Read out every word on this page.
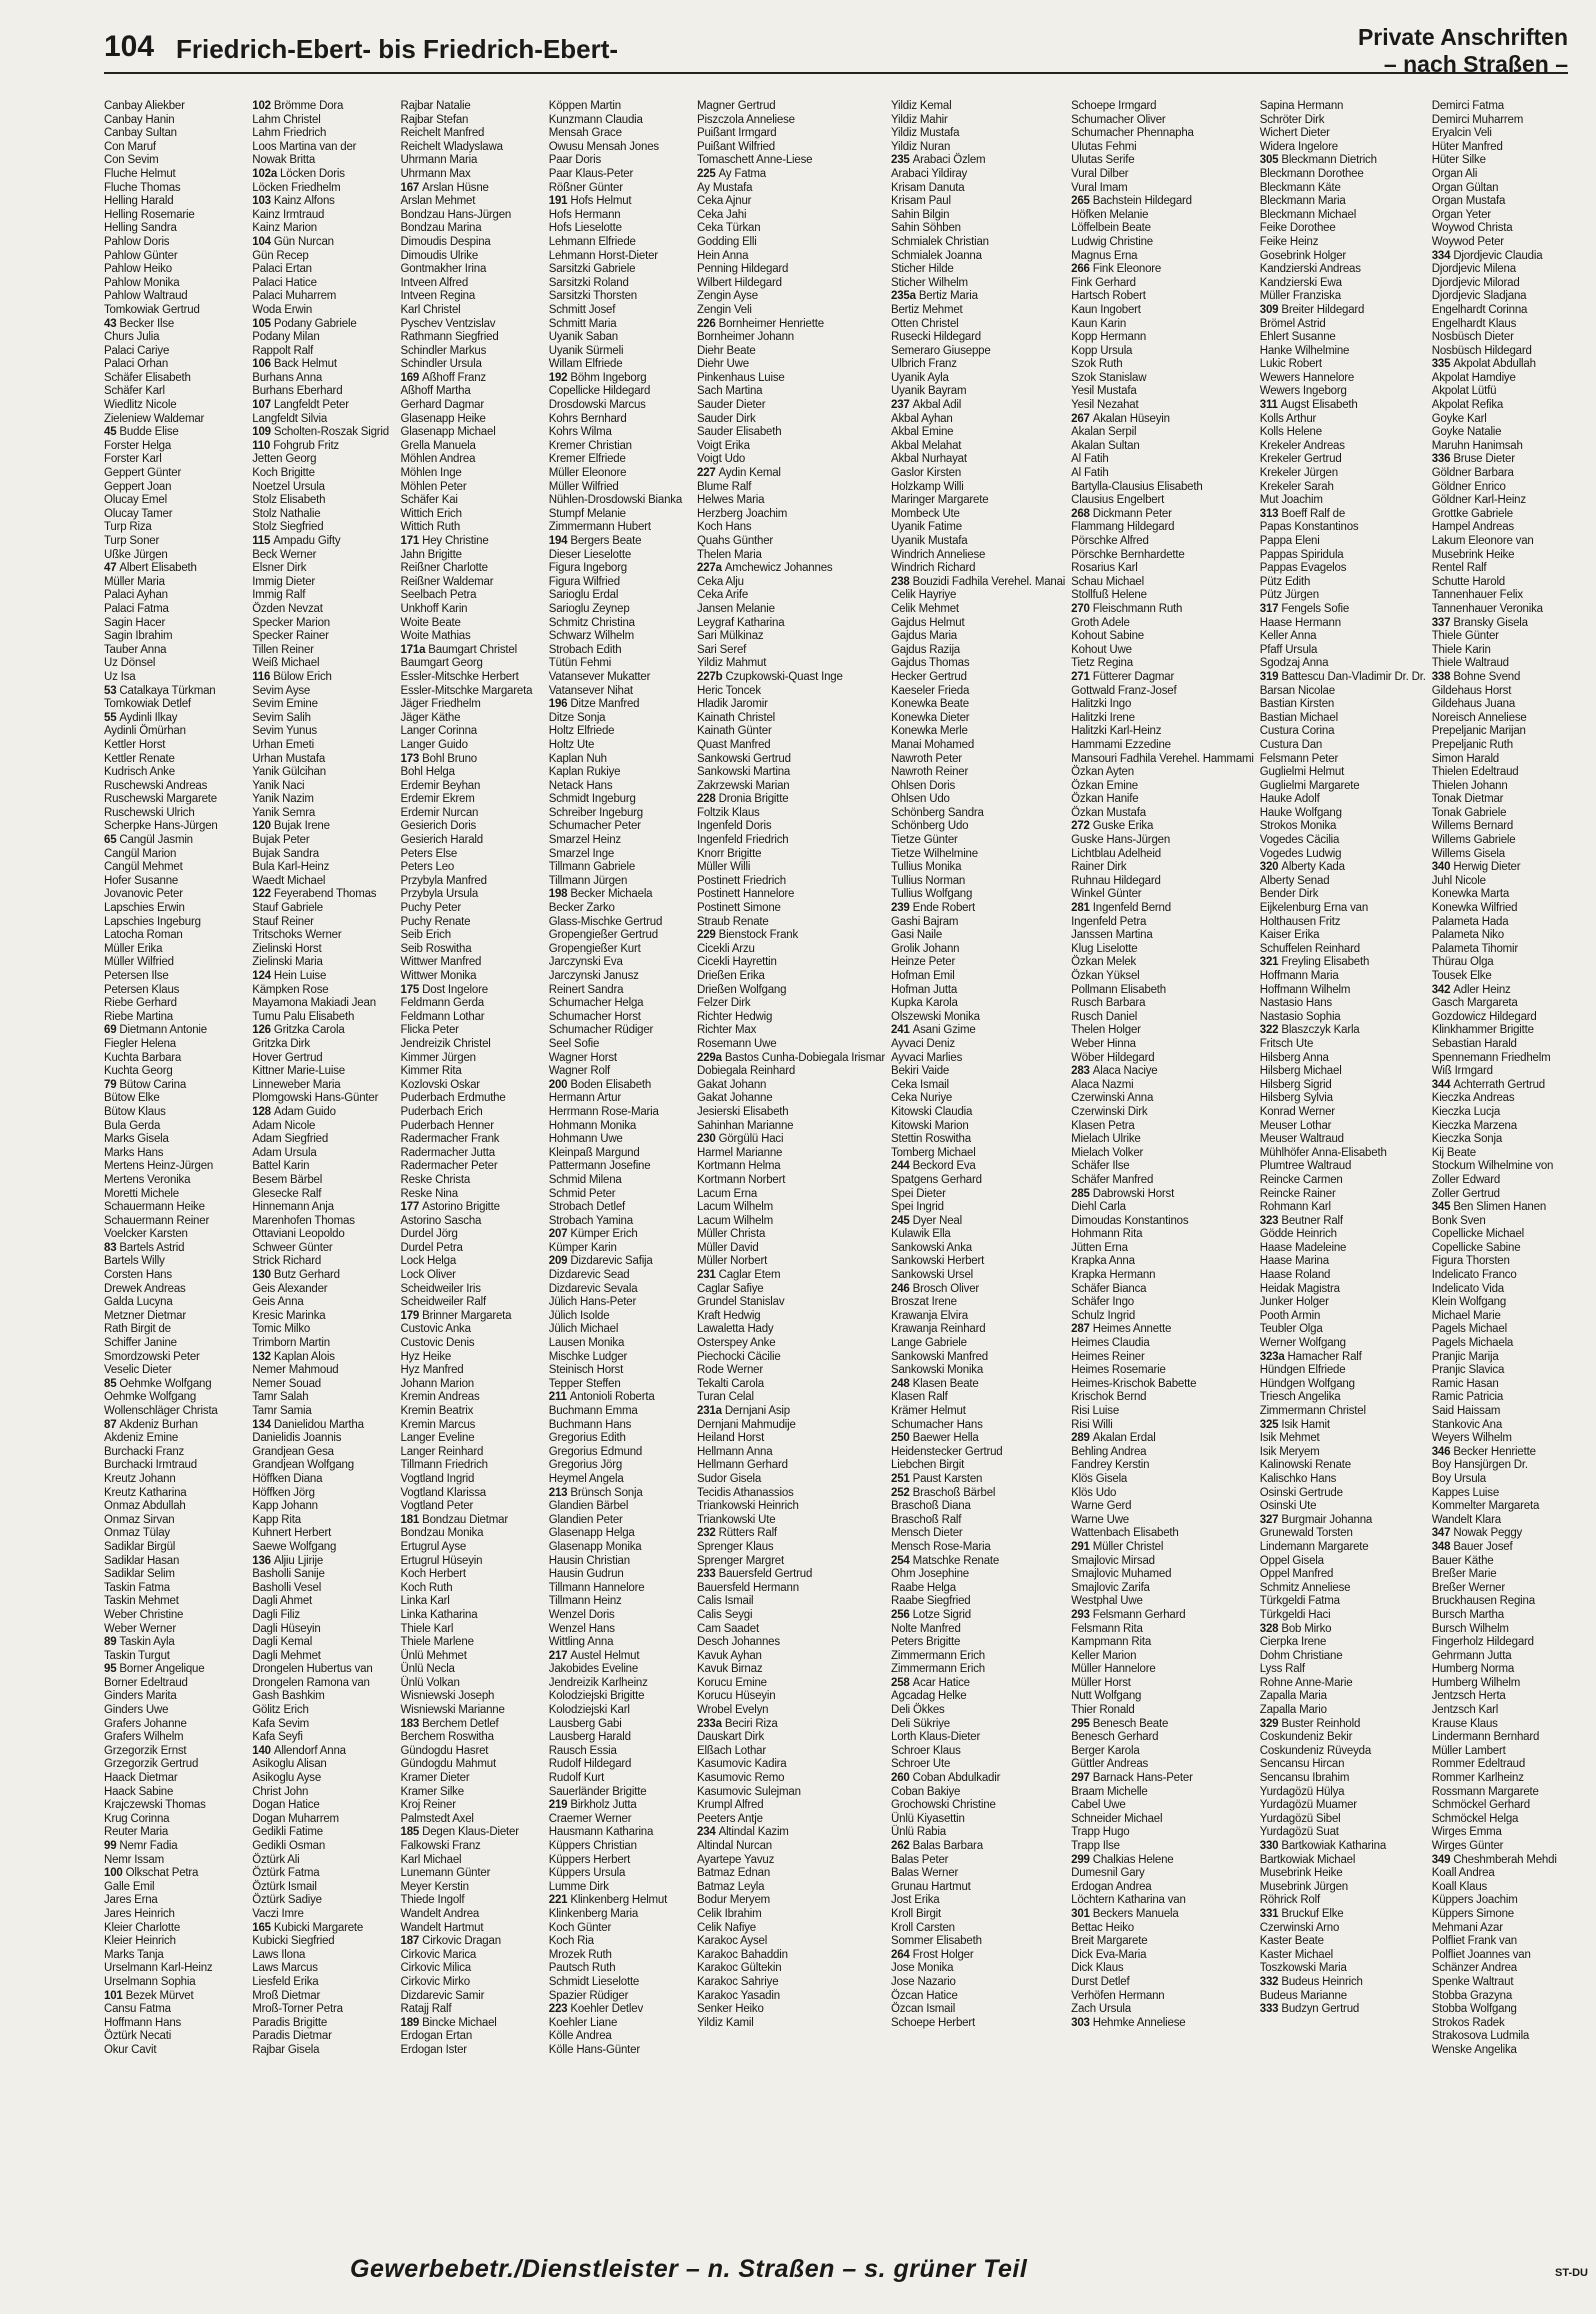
104 Friedrich-Ebert- bis Friedrich-Ebert-	Private Anschriften
– nach Straßen –
Canbay Aliekber
Canbay Hanin
Canbay Sultan
Con Maruf
Con Sevim
Fluche Helmut
Fluche Thomas
Helling Harald
Helling Rosemarie
Helling Sandra
Pahlow Doris
Pahlow Günter
Pahlow Heiko
Pahlow Monika
Pahlow Waltraud
Tomkowiak Gertrud
43 Becker Ilse
Churs Julia
Palaci Cariye
Palaci Orhan
Schäfer Elisabeth
Schäfer Karl
Wiedlitz Nicole
Zieleniew Waldemar
45 Budde Elise
Forster Helga
Forster Karl
Geppert Günter
Geppert Joan
Olucay Emel
Olucay Tamer
Turp Riza
Turp Soner
Ußke Jürgen
47 Albert Elisabeth
Müller Maria
Palaci Ayhan
Palaci Fatma
Sagin Hacer
Sagin Ibrahim
Tauber Anna
Uz Dönsel
Uz Isa
53 Catalkaya Türkman
Tomkowiak Detlef
55 Aydinli Ilkay
Aydinli Ömürhan
Kettler Horst
Kettler Renate
Kudrisch Anke
Ruschewski Andreas
Ruschewski Margarete
Ruschewski Ulrich
Scherpke Hans-Jürgen
65 Cangül Jasmin
Cangül Marion
Cangül Mehmet
Hofer Susanne
Jovanovic Peter
Lapschies Erwin
Lapschies Ingeburg
Latocha Roman
Müller Erika
Müller Wilfried
Petersen Ilse
Petersen Klaus
Riebe Gerhard
Riebe Martina
69 Dietmann Antonie
Fiegler Helena
Kuchta Barbara
Kuchta Georg
79 Bütow Carina
Bütow Elke
Bütow Klaus
Bula Gerda
Marks Gisela
Marks Hans
Mertens Heinz-Jürgen
Mertens Veronika
Moretti Michele
Schauermann Heike
Schauermann Reiner
Voelcker Karsten
83 Bartels Astrid
Bartels Willy
Corsten Hans
Drewek Andreas
Galda Lucyna
Metzner Dietmar
Rath Birgit de
Schiffer Janine
Smordzowski Peter
Veselic Dieter
85 Oehmke Wolfgang
Oehmke Wolfgang
Wollenschläger Christa
87 Akdeniz Burhan
Akdeniz Emine
Burchacki Franz
Burchacki Irmtraud
Kreutz Johann
Kreutz Katharina
Onmaz Abdullah
Onmaz Sirvan
Onmaz Tülay
Sadiklar Birgül
Sadiklar Hasan
Sadiklar Selim
Taskin Fatma
Taskin Mehmet
Weber Christine
Weber Werner
89 Taskin Ayla
Taskin Turgut
95 Borner Angelique
Borner Edeltraud
Ginders Marita
Ginders Uwe
Grafers Johanne
Grafers Wilhelm
Grzegorzik Ernst
Grzegorzik Gertrud
Haack Dietmar
Haack Sabine
Krajczewski Thomas
Krug Corinna
Reuter Maria
99 Nemr Fadia
Nemr Issam
100 Olkschat Petra
Galle Emil
Jares Erna
Jares Heinrich
Kleier Charlotte
Kleier Heinrich
Marks Tanja
Urselmann Karl-Heinz
Urselmann Sophia
101 Bezek Mürvet
Cansu Fatma
Hoffmann Hans
Öztürk Necati
Okur Cavit
102 Brömme Dora
Lahm Christel
Lahm Friedrich
Loos Martina van der
Nowak Britta
102a Löcken Doris
Löcken Friedhelm
103 Kainz Alfons
Kainz Irmtraud
Kainz Marion
104 Gün Nurcan
Gün Recep
Palaci Ertan
Palaci Hatice
Palaci Muharrem
Woda Erwin
105 Podany Gabriele
Podany Milan
Rappolt Ralf
106 Back Helmut
Burhans Anna
Burhans Eberhard
107 Langfeldt Peter
Langfeldt Silvia
109 Scholten-Roszak Sigrid
110 Fohgrub Fritz
Jetten Georg
Koch Brigitte
Noetzel Ursula
Stolz Elisabeth
Stolz Nathalie
Stolz Siegfried
115 Ampadu Gifty
Beck Werner
Elsner Dirk
Immig Dieter
Immig Ralf
Özden Nevzat
Specker Marion
Specker Rainer
Tillen Reiner
Weiß Michael
116 Bülow Erich
Sevim Ayse
Sevim Emine
Sevim Salih
Sevim Yunus
Urhan Emeti
Urhan Mustafa
Yanik Gülcihan
Yanik Naci
Yanik Nazim
Yanik Semra
120 Bujak Irene
Bujak Peter
Bujak Sandra
Bula Karl-Heinz
Waedt Michael
122 Feyerabend Thomas
Stauf Gabriele
Stauf Reiner
Tritschoks Werner
Zielinski Horst
Zielinski Maria
124 Hein Luise
Kämpken Rose
Mayamona Makiadi Jean
Tumu Palu Elisabeth
126 Gritzka Carola
Gritzka Dirk
Hover Gertrud
Kittner Marie-Luise
Linneweber Maria
Plomgowski Hans-Günter
128 Adam Guido
Adam Nicole
Adam Siegfried
Adam Ursula
Battel Karin
Besem Bärbel
Glesecke Ralf
Hinnemann Anja
Marenhofen Thomas
Ottaviani Leopoldo
Schweer Günter
Strick Richard
130 Butz Gerhard
Geis Alexander
Geis Anna
Kresic Marinka
Tomic Milko
Trimborn Martin
132 Kaplan Alois
Nemer Mahmoud
Nemer Souad
Tamr Salah
Tamr Samia
134 Danielidou Martha
Danielidis Joannis
Grandjean Gesa
Grandjean Wolfgang
Höffken Diana
Höffken Jörg
Kapp Johann
Kapp Rita
Kuhnert Herbert
Saewe Wolfgang
136 Aljiu Ljirije
Basholli Sanije
Basholli Vesel
Dagli Ahmet
Dagli Filiz
Dagli Hüseyin
Dagli Kemal
Dagli Mehmet
Drongelen Hubertus van
Drongelen Ramona van
Gash Bashkim
Gölitz Erich
Kafa Sevim
Kafa Seyfi
140 Allendorf Anna
Asikoglu Alisan
Asikoglu Ayse
Christ John
Dogan Hatice
Dogan Muharrem
Gedikli Fatime
Gedikli Osman
Öztürk Ali
Öztürk Fatma
Öztürk Ismail
Öztürk Sadiye
Vaczi Imre
165 Kubicki Margarete
Kubicki Siegfried
Laws Ilona
Laws Marcus
Liesfeld Erika
Mroß Dietmar
Mroß-Torner Petra
Paradis Brigitte
Paradis Dietmar
Rajbar Gisela
Rajbar Natalie
Rajbar Stefan
Reichelt Manfred
Reichelt Wladyslawa
Uhrmann Maria
Uhrmann Max
167 Arslan Hüsne
Arslan Mehmet
Bondzau Hans-Jürgen
Bondzau Marina
Dimoudis Despina
Dimoudis Ulrike
Gontmakher Irina
Intveen Alfred
Intveen Regina
Karl Christel
Pyschev Ventzislav
Rathmann Siegfried
Schindler Markus
Schindler Ursula
169 Aßhoff Franz
Aßhoff Martha
Gerhard Dagmar
Glasenapp Heike
Glasenapp Michael
Grella Manuela
Möhlen Andrea
Möhlen Inge
Möhlen Peter
Schäfer Kai
Wittich Erich
Wittich Ruth
171 Hey Christine
Jahn Brigitte
Reißner Charlotte
Reißner Waldemar
Seelbach Petra
Unkhoff Karin
Woite Beate
Woite Mathias
171a Baumgart Christel
Baumgart Georg
Essler-Mitschke Herbert
Essler-Mitschke Margareta
Jäger Friedhelm
Jäger Käthe
Langer Corinna
Langer Guido
173 Bohl Bruno
Bohl Helga
Erdemir Beyhan
Erdemir Ekrem
Erdemir Nurcan
Gesierich Doris
Gesierich Harald
Peters Else
Peters Leo
Przybyla Manfred
Przybyla Ursula
Puchy Peter
Puchy Renate
Seib Erich
Seib Roswitha
Wittwer Manfred
Wittwer Monika
175 Dost Ingelore
Feldmann Gerda
Feldmann Lothar
Flicka Peter
Jendreizik Christel
Kimmer Jürgen
Kimmer Rita
Kozlovski Oskar
Puderbach Erdmuthe
Puderbach Erich
Puderbach Henner
Radermacher Frank
Radermacher Jutta
Radermacher Peter
Reske Christa
Reske Nina
177 Astorino Brigitte
Astorino Sascha
Durdel Jörg
Durdel Petra
Lock Helga
Lock Oliver
Scheidweiler Iris
Scheidweiler Ralf
179 Brinner Margareta
Custovic Anka
Custovic Denis
Hyz Heike
Hyz Manfred
Johann Marion
Kremin Andreas
Kremin Beatrix
Kremin Marcus
Langer Eveline
Langer Reinhard
Tillmann Friedrich
Vogtland Ingrid
Vogtland Klarissa
Vogtland Peter
181 Bondzau Dietmar
Bondzau Monika
Ertugrul Ayse
Ertugrul Hüseyin
Koch Herbert
Koch Ruth
Linka Karl
Linka Katharina
Thiele Karl
Thiele Marlene
Ünlü Mehmet
Ünlü Necla
Ünlü Volkan
Wisniewski Joseph
Wisniewski Marianne
183 Berchem Detlef
Berchem Roswitha
Gündogdu Hasret
Gündogdu Mahmut
Kramer Dieter
Kramer Silke
Kroj Reiner
Palmstedt Axel
185 Degen Klaus-Dieter
Falkowski Franz
Karl Michael
Lunemann Günter
Meyer Kerstin
Thiede Ingolf
Wandelt Andrea
Wandelt Hartmut
187 Cirkovic Dragan
Cirkovic Marica
Cirkovic Milica
Cirkovic Mirko
Dizdarevic Samir
Ratajj Ralf
189 Bincke Michael
Erdogan Ertan
Erdogan Ister
Köppen Martin
Kunzmann Claudia
Mensah Grace
Owusu Mensah Jones
Paar Doris
Paar Klaus-Peter
Rößner Günter
191 Hofs Helmut
Hofs Hermann
Hofs Lieselotte
Lehmann Elfriede
Lehmann Horst-Dieter
Sarsitzki Gabriele
Sarsitzki Roland
Sarsitzki Thorsten
Schmitt Josef
Schmitt Maria
Uyanik Saban
Uyanik Sürmeli
Willam Elfriede
192 Böhm Ingeborg
Copellicke Hildegard
Drosdowski Marcus
Kohrs Bernhard
Kohrs Wilma
Kremer Christian
Kremer Elfriede
Müller Eleonore
Müller Wilfried
Nühlen-Drosdowski Bianka
Stumpf Melanie
Zimmermann Hubert
194 Bergers Beate
Dieser Lieselotte
Figura Ingeborg
Figura Wilfried
Sarioglu Erdal
Sarioglu Zeynep
Schmitz Christina
Schwarz Wilhelm
Strobach Edith
Tütün Fehmi
Vatansever Mukatter
Vatansever Nihat
196 Ditze Manfred
Ditze Sonja
Holtz Elfriede
Holtz Ute
Kaplan Nuh
Kaplan Rukiye
Netack Hans
Schmidt Ingeburg
Schreiber Ingeburg
Schumacher Peter
Smarzel Heinz
Smarzel Inge
Tillmann Gabriele
Tillmann Jürgen
198 Becker Michaela
Becker Zarko
Glass-Mischke Gertrud
Gropengießer Gertrud
Gropengießer Kurt
Jarczynski Eva
Jarczynski Janusz
Reinert Sandra
Schumacher Helga
Schumacher Horst
Schumacher Rüdiger
Seel Sofie
Wagner Horst
Wagner Rolf
200 Boden Elisabeth
Hermann Artur
Herrmann Rose-Maria
Hohmann Monika
Hohmann Uwe
Kleinpaß Margund
Pattermann Josefine
Schmid Milena
Schmid Peter
Strobach Detlef
Strobach Yamina
207 Kümper Erich
Kümper Karin
209 Dizdarevic Safija
Dizdarevic Sead
Dizdarevic Sevala
Jülich Hans-Peter
Jülich Isolde
Jülich Michael
Lausen Monika
Mischke Ludger
Steinisch Horst
Tepper Steffen
211 Antonioli Roberta
Buchmann Emma
Buchmann Hans
Gregorius Edith
Gregorius Edmund
Gregorius Jörg
Heymel Angela
213 Brünsch Sonja
Glandien Bärbel
Glandien Peter
Glasenapp Helga
Glasenapp Monika
Hausin Christian
Hausin Gudrun
Tillmann Hannelore
Tillmann Heinz
Wenzel Doris
Wenzel Hans
Wittling Anna
217 Austel Helmut
Jakobides Eveline
Jendreizik Karlheinz
Kolodziejski Brigitte
Kolodziejski Karl
Lausberg Gabi
Lausberg Harald
Rausch Essia
Rudolf Hildegard
Rudolf Kurt
Sauerländer Brigitte
219 Birkholz Jutta
Craemer Werner
Hausmann Katharina
Küppers Christian
Küppers Herbert
Küppers Ursula
Lumme Dirk
221 Klinkenberg Helmut
Klinkenberg Maria
Koch Günter
Koch Ria
Mrozek Ruth
Pautsch Ruth
Schmidt Lieselotte
Spazier Rüdiger
223 Koehler Detlev
Koehler Liane
Kölle Andrea
Kölle Hans-Günter
Magner Gertrud
Piszczola Anneliese
Puißant Irmgard
Puißant Wilfried
Tomaschett Anne-Liese
225 Ay Fatma
Ay Mustafa
Ceka Ajnur
Ceka Jahi
Ceka Türkan
Godding Elli
Hein Anna
Penning Hildegard
Wilbert Hildegard
Zengin Ayse
Zengin Veli
226 Bornheimer Henriette
Bornheimer Johann
Diehr Beate
Diehr Uwe
Pinkenhaus Luise
Sach Martina
Sauder Dieter
Sauder Dirk
Sauder Elisabeth
Voigt Erika
Voigt Udo
227 Aydin Kemal
Blume Ralf
Helwes Maria
Herzberg Joachim
Koch Hans
Quahs Günther
Thelen Maria
227a Amchewicz Johannes
Ceka Alju
Ceka Arife
Jansen Melanie
Leygraf Katharina
Sari Mülkinaz
Sari Seref
Yildiz Mahmut
227b Czupkowski-Quast Inge
Heric Toncek
Hladik Jaromir
Kainath Christel
Kainath Günter
Quast Manfred
Sankowski Gertrud
Sankowski Martina
Zakrzewski Marian
228 Dronia Brigitte
Foltzik Klaus
Ingenfeld Doris
Ingenfeld Friedrich
Knorr Brigitte
Müller Willi
Postinett Friedrich
Postinett Hannelore
Postinett Simone
Straub Renate
229 Bienstock Frank
Cicekli Arzu
Cicekli Hayrettin
Drießen Erika
Drießen Wolfgang
Felzer Dirk
Richter Hedwig
Richter Max
Rosemann Uwe
229a Bastos Cunha-Dobiegala Irismar
Dobiegala Reinhard
Gakat Johann
Gakat Johanne
Jesierski Elisabeth
Sahinhan Marianne
230 Görgülü Haci
Harmel Marianne
Kortmann Helma
Kortmann Norbert
Lacum Erna
Lacum Wilhelm
Lacum Wilhelm
Müller Christa
Müller David
Müller Norbert
231 Caglar Etem
Caglar Safiye
Grundel Stanislav
Kraft Hedwig
Lawaletta Hady
Osterspey Anke
Piechocki Cäcilie
Rode Werner
Tekalti Carola
Turan Celal
231a Dernjani Asip
Dernjani Mahmudije
Heiland Horst
Hellmann Anna
Hellmann Gerhard
Sudor Gisela
Tecidis Athanassios
Triankowski Heinrich
Triankowski Ute
232 Rütters Ralf
Sprenger Klaus
Sprenger Margret
233 Bauersfeld Gertrud
Bauersfeld Hermann
Calis Ismail
Calis Seygi
Cam Saadet
Desch Johannes
Kavuk Ayhan
Kavuk Birnaz
Korucu Emine
Korucu Hüseyin
Wrobel Evelyn
233a Beciri Riza
Dauskart Dirk
Elßach Lothar
Kasumovic Kadira
Kasumovic Remo
Kasumovic Sulejman
Krumpl Alfred
Peeters Antje
234 Altindal Kazim
Altindal Nurcan
Ayartepe Yavuz
Batmaz Ednan
Batmaz Leyla
Bodur Meryem
Celik Ibrahim
Celik Nafiye
Karakoc Aysel
Karakoc Bahaddin
Karakoc Gültekin
Karakoc Sahriye
Karakoc Yasadin
Senker Heiko
Yildiz Kamil
Yildiz Kemal
Yildiz Mahir
Yildiz Mustafa
Yildiz Nuran
235 Arabaci Özlem
Arabaci Yildiray
Krisam Danuta
Krisam Paul
Sahin Bilgin
Sahin Söhben
Schmialek Christian
Schmialek Joanna
Sticher Hilde
Sticher Wilhelm
235a Bertiz Maria
Bertiz Mehmet
Otten Christel
Rusecki Hildegard
Semeraro Giuseppe
Ulbrich Franz
Uyanik Ayla
Uyanik Bayram
237 Akbal Adil
Akbal Ayhan
Akbal Emine
Akbal Melahat
Akbal Nurhayat
Gaslor Kirsten
Holzkamp Willi
Maringer Margarete
Mombeck Ute
Uyanik Fatime
Uyanik Mustafa
Windrich Anneliese
Windrich Richard
238 Bouzidi Fadhila Verehel. Manai
Celik Hayriye
Celik Mehmet
Gajdus Helmut
Gajdus Maria
Gajdus Razija
Gajdus Thomas
Hecker Gertrud
Kaeseler Frieda
Konewka Beate
Konewka Dieter
Konewka Merle
Manai Mohamed
Nawroth Peter
Nawroth Reiner
Ohlsen Doris
Ohlsen Udo
Schönberg Sandra
Schönberg Udo
Tietze Günter
Tietze Wilhelmine
Tullius Monika
Tullius Norman
Tullius Wolfgang
239 Ende Robert
Gashi Bajram
Gasi Naile
Grolik Johann
Heinze Peter
Hofman Emil
Hofman Jutta
Kupka Karola
Olszewski Monika
241 Asani Gzime
Ayvaci Deniz
Ayvaci Marlies
Bekiri Vaide
Ceka Ismail
Ceka Nuriye
Kitowski Claudia
Kitowski Marion
Stettin Roswitha
Tomberg Michael
244 Beckord Eva
Spatgens Gerhard
Spei Dieter
Spei Ingrid
245 Dyer Neal
Kulawik Ella
Sankowski Anka
Sankowski Herbert
Sankowski Ursel
246 Brosch Oliver
Broszat Irene
Krawanja Elvira
Krawanja Reinhard
Lange Gabriele
Sankowski Manfred
Sankowski Monika
248 Klasen Beate
Klasen Ralf
Krämer Helmut
Schumacher Hans
250 Baewer Hella
Heidenstecker Gertrud
Liebchen Birgit
251 Paust Karsten
252 Braschoß Bärbel
Braschoß Diana
Braschoß Ralf
Mensch Dieter
Mensch Rose-Maria
254 Matschke Renate
Ohm Josephine
Raabe Helga
Raabe Siegfried
256 Lotze Sigrid
Nolte Manfred
Peters Brigitte
Zimmermann Erich
Zimmermann Erich
258 Acar Hatice
Agcadag Helke
Deli Ökkes
Deli Sükriye
Lorth Klaus-Dieter
Schroer Klaus
Schroer Ute
260 Coban Abdulkadir
Coban Bakiye
Grochowski Christine
Ünlü Kiyasettin
Ünlü Rabia
262 Balas Barbara
Balas Peter
Balas Werner
Grunau Hartmut
Jost Erika
Kroll Birgit
Kroll Carsten
Sommer Elisabeth
264 Frost Holger
Jose Monika
Jose Nazario
Özcan Hatice
Özcan Ismail
Schoepe Herbert
Schoepe Irmgard
Schumacher Oliver
Schumacher Phennapha
Ulutas Fehmi
Ulutas Serife
Vural Dilber
Vural Imam
265 Bachstein Hildegard
Höfken Melanie
Löffelbein Beate
Ludwig Christine
Magnus Erna
266 Fink Eleonore
Fink Gerhard
Hartsch Robert
Kaun Ingobert
Kaun Karin
Kopp Hermann
Kopp Ursula
Szok Ruth
Szok Stanislaw
Yesil Mustafa
Yesil Nezahat
267 Akalan Hüseyin
Akalan Serpil
Akalan Sultan
Al Fatih
Al Fatih
Bartylla-Clausius Elisabeth
Clausius Engelbert
268 Dickmann Peter
Flammang Hildegard
Pörschke Alfred
Pörschke Bernhardette
Rosarius Karl
Schau Michael
Stollfuß Helene
270 Fleischmann Ruth
Groth Adele
Kohout Sabine
Kohout Uwe
Tietz Regina
271 Fütterer Dagmar
Gottwald Franz-Josef
Halitzki Ingo
Halitzki Irene
Halitzki Karl-Heinz
Hammami Ezzedine
Mansouri Fadhila Verehel. Hammami
Özkan Ayten
Özkan Emine
Özkan Hanife
Özkan Mustafa
272 Guske Erika
Guske Hans-Jürgen
Lichtblau Adelheid
Rainer Dirk
Ruhnau Hildegard
Winkel Günter
281 Ingenfeld Bernd
Ingenfeld Petra
Janssen Martina
Klug Liselotte
Özkan Melek
Özkan Yüksel
Pollmann Elisabeth
Rusch Barbara
Rusch Daniel
Thelen Holger
Weber Hinna
Wöber Hildegard
283 Alaca Naciye
Alaca Nazmi
Czerwinski Anna
Czerwinski Dirk
Klasen Petra
Mielach Ulrike
Mielach Volker
Schäfer Ilse
Schäfer Manfred
285 Dabrowski Horst
Diehl Carla
Dimoudas Konstantinos
Hohmann Rita
Jütten Erna
Krapka Anna
Krapka Hermann
Schäfer Bianca
Schäfer Ingo
Schulz Ingrid
287 Heimes Annette
Heimes Claudia
Heimes Reiner
Heimes Rosemarie
Heimes-Krischok Babette
Krischok Bernd
Risi Luise
Risi Willi
289 Akalan Erdal
Behling Andrea
Fandrey Kerstin
Klös Gisela
Klös Udo
Warne Gerd
Warne Uwe
Wattenbach Elisabeth
291 Müller Christel
Smajlovic Mirsad
Smajlovic Muhamed
Smajlovic Zarifa
Westphal Uwe
293 Felsmann Gerhard
Felsmann Rita
Kampmann Rita
Keller Marion
Müller Hannelore
Müller Horst
Nutt Wolfgang
Thier Ronald
295 Benesch Beate
Benesch Gerhard
Berger Karola
Güttler Andreas
297 Barnack Hans-Peter
Braam Michelle
Cabel Uwe
Schneider Michael
Trapp Hugo
Trapp Ilse
299 Chalkias Helene
Dumesnil Gary
Erdogan Andrea
Löchtern Katharina van
301 Beckers Manuela
Bettac Heiko
Breit Margarete
Dick Eva-Maria
Dick Klaus
Durst Detlef
Verhöfen Hermann
Zach Ursula
303 Hehmke Anneliese
Sapina Hermann
Schröter Dirk
Wichert Dieter
Widera Ingelore
305 Bleckmann Dietrich
Bleckmann Dorothee
Bleckmann Käte
Bleckmann Maria
Bleckmann Michael
Feike Dorothee
Feike Heinz
Gosebrink Holger
Kandzierski Andreas
Kandzierski Ewa
Müller Franziska
309 Breiter Hildegard
Brömel Astrid
Ehlert Susanne
Hanke Wilhelmine
Lukic Robert
Wewers Hannelore
Wewers Ingeborg
311 Augst Elisabeth
Kolls Arthur
Kolls Helene
Krekeler Andreas
Krekeler Gertrud
Krekeler Jürgen
Krekeler Sarah
Mut Joachim
313 Boeff Ralf de
Papas Konstantinos
Pappa Eleni
Pappas Spiridula
Pappas Evagelos
Pütz Edith
Pütz Jürgen
317 Fengels Sofie
Haase Hermann
Keller Anna
Pfaff Ursula
Sgodzaj Anna
319 Battescu Dan-Vladimir Dr. Dr.
Barsan Nicolae
Bastian Kirsten
Bastian Michael
Custura Corina
Custura Dan
Felsmann Peter
Guglielmi Helmut
Guglielmi Margarete
Hauke Adolf
Hauke Wolfgang
Strokos Monika
Vogedes Cäcilia
Vogedes Ludwig
320 Alberty Kada
Alberty Senad
Bender Dirk
Eijkelenburg Erna van
Holthausen Fritz
Kaiser Erika
Schuffelen Reinhard
321 Freyling Elisabeth
Hoffmann Maria
Hoffmann Wilhelm
Nastasio Hans
Nastasio Sophia
322 Blaszczyk Karla
Fritsch Ute
Hilsberg Anna
Hilsberg Michael
Hilsberg Sigrid
Hilsberg Sylvia
Konrad Werner
Meuser Lothar
Meuser Waltraud
Mühlhöfer Anna-Elisabeth
Plumtree Waltraud
Reincke Carmen
Reincke Rainer
Rohmann Karl
323 Beutner Ralf
Gödde Heinrich
Haase Madeleine
Haase Marina
Haase Roland
Heidak Magistra
Junker Holger
Pooth Armin
Teubler Olga
Werner Wolfgang
323a Hamacher Ralf
Hündgen Elfriede
Hündgen Wolfgang
Triesch Angelika
Zimmermann Christel
325 Isik Hamit
Isik Mehmet
Isik Meryem
Kalinowski Renate
Kalischko Hans
Osinski Gertrude
Osinski Ute
327 Burgmair Johanna
Grunewald Torsten
Lindemann Margarete
Oppel Gisela
Oppel Manfred
Schmitz Anneliese
Türkgeldi Fatma
Türkgeldi Haci
328 Bob Mirko
Cierpka Irene
Dohm Christiane
Lyss Ralf
Rohne Anne-Marie
Zapalla Maria
Zapalla Mario
329 Buster Reinhold
Coskundeniz Bekir
Coskundeniz Rüveyda
Sencansu Hircan
Sencansu Ibrahim
Yurdagözü Hülya
Yurdagözü Muamer
Yurdagözü Sibel
Yurdagözü Suat
330 Bartkowiak Katharina
Bartkowiak Michael
Musebrink Heike
Musebrink Jürgen
Röhrick Rolf
331 Bruckuf Elke
Czerwinski Arno
Kaster Beate
Kaster Michael
Toszkowski Maria
332 Budeus Heinrich
Budeus Marianne
333 Budzyn Gertrud
Demirci Fatma
Demirci Muharrem
Eryalcin Veli
Hüter Manfred
Hüter Silke
Organ Ali
Organ Gültan
Organ Mustafa
Organ Yeter
Woywod Christa
Woywod Peter
334 Djordjevic Claudia
Djordjevic Milena
Djordjevic Milorad
Djordjevic Sladjana
Engelhardt Corinna
Engelhardt Klaus
Nosbüsch Dieter
Nosbüsch Hildegard
335 Akpolat Abdullah
Akpolat Hamdiye
Akpolat Lütfü
Akpolat Refika
Goyke Karl
Goyke Natalie
Maruhn Hanimsah
336 Bruse Dieter
Göldner Barbara
Göldner Enrico
Göldner Karl-Heinz
Grottke Gabriele
Hampel Andreas
Lakum Eleonore van
Musebrink Heike
Rentel Ralf
Schutte Harold
Tannenhauer Felix
Tannenhauer Veronika
337 Bransky Gisela
Thiele Günter
Thiele Karin
Thiele Waltraud
338 Bohne Svend
Gildehaus Horst
Gildehaus Juana
Noreisch Anneliese
Prepeljanic Marijan
Prepeljanic Ruth
Simon Harald
Thielen Edeltraud
Thielen Johann
Tonak Dietmar
Tonak Gabriele
Willems Bernard
Willems Gabriele
Willems Gisela
340 Herwig Dieter
Juhl Nicole
Konewka Marta
Konewka Wilfried
Palameta Hada
Palameta Niko
Palameta Tihomir
Thürau Olga
Tousek Elke
342 Adler Heinz
Gasch Margareta
Gozdowicz Hildegard
Klinkhammer Brigitte
Sebastian Harald
Spennemann Friedhelm
Wiß Irmgard
344 Achterrath Gertrud
Kieczka Andreas
Kieczka Lucja
Kieczka Marzena
Kieczka Sonja
Kij Beate
Stockum Wilhelmine von
Zoller Edward
Zoller Gertrud
345 Ben Slimen Hanen
Bonk Sven
Copellicke Michael
Copellicke Sabine
Figura Thorsten
Indelicato Franco
Indelicato Vida
Klein Wolfgang
Michael Marie
Pagels Michael
Pagels Michaela
Pranjic Marija
Pranjic Slavica
Ramic Hasan
Ramic Patricia
Said Haissam
Stankovic Ana
Weyers Wilhelm
346 Becker Henriette
Boy Hansjürgen Dr.
Boy Ursula
Kappes Luise
Kommelter Margareta
Wandelt Klara
347 Nowak Peggy
348 Bauer Josef
Bauer Käthe
Breßer Marie
Breßer Werner
Bruckhausen Regina
Bursch Martha
Bursch Wilhelm
Fingerholz Hildegard
Gehrmann Jutta
Humberg Norma
Humberg Wilhelm
Jentzsch Herta
Jentzsch Karl
Krause Klaus
Lindermann Bernhard
Müller Lambert
Rommer Edeltraud
Rommer Karlheinz
Rossmann Margarete
Schmöckel Gerhard
Schmöckel Helga
Wirges Emma
Wirges Günter
349 Cheshmberah Mehdi
Koall Andrea
Koall Klaus
Küppers Joachim
Küppers Simone
Mehmani Azar
Polfliet Frank van
Polfliet Joannes van
Schänzer Andrea
Spenke Waltraut
Stobba Grazyna
Stobba Wolfgang
Strokos Radek
Strakosova Ludmila
Wenske Angelika
Gewerbebetr./Dienstleister – n. Straßen – s. grüner Teil	ST-DU
